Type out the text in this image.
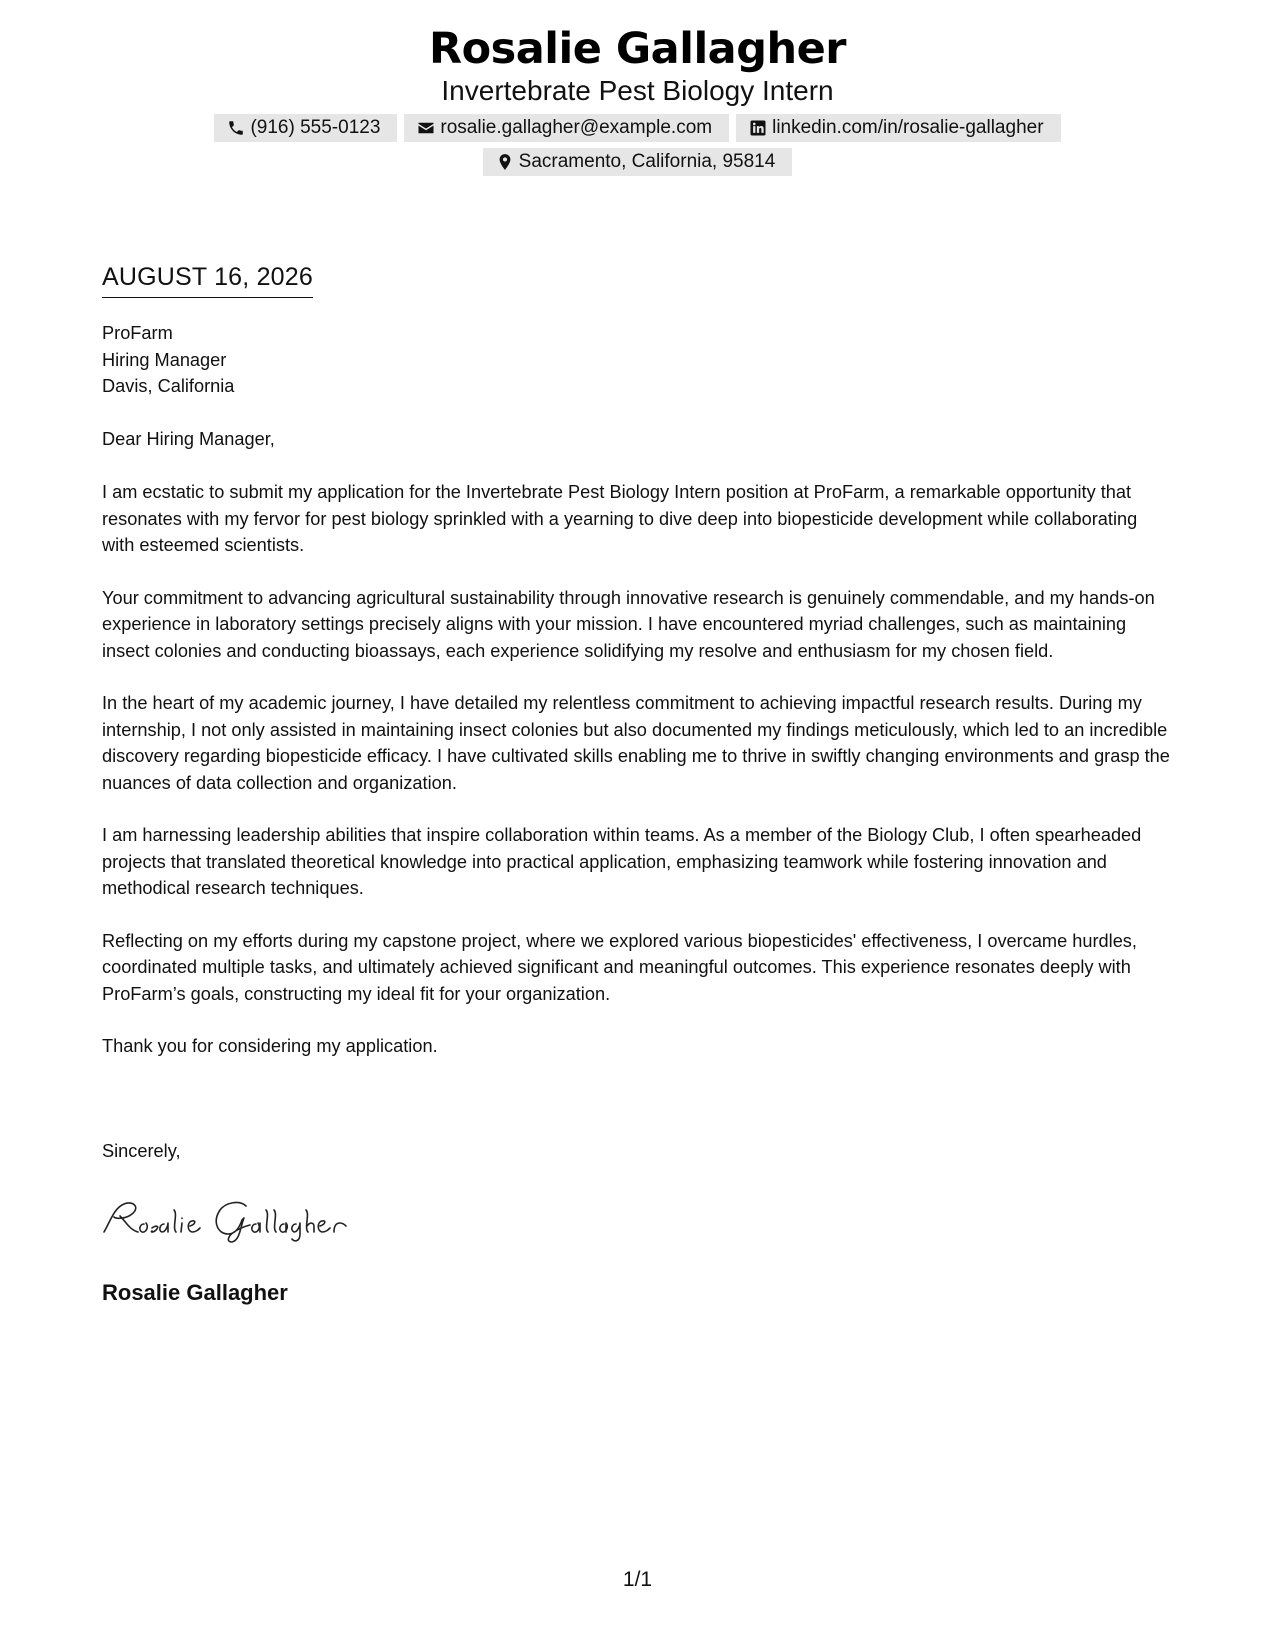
Rosalie Gallagher
Invertebrate Pest Biology Intern
(916) 555-0123	rosalie.gallagher@example.com	linkedin.com/in/rosalie-gallagher
Sacramento, California, 95814
AUGUST 16, 2026
ProFarm
Hiring Manager
Davis, California
Dear Hiring Manager,

I am ecstatic to submit my application for the Invertebrate Pest Biology Intern position at ProFarm, a remarkable opportunity that resonates with my fervor for pest biology sprinkled with a yearning to dive deep into biopesticide development while collaborating with esteemed scientists.

Your commitment to advancing agricultural sustainability through innovative research is genuinely commendable, and my hands-on experience in laboratory settings precisely aligns with your mission. I have encountered myriad challenges, such as maintaining insect colonies and conducting bioassays, each experience solidifying my resolve and enthusiasm for my chosen field.

In the heart of my academic journey, I have detailed my relentless commitment to achieving impactful research results. During my internship, I not only assisted in maintaining insect colonies but also documented my findings meticulously, which led to an incredible discovery regarding biopesticide efficacy. I have cultivated skills enabling me to thrive in swiftly changing environments and grasp the nuances of data collection and organization.

I am harnessing leadership abilities that inspire collaboration within teams. As a member of the Biology Club, I often spearheaded projects that translated theoretical knowledge into practical application, emphasizing teamwork while fostering innovation and methodical research techniques.

Reflecting on my efforts during my capstone project, where we explored various biopesticides' effectiveness, I overcame hurdles, coordinated multiple tasks, and ultimately achieved significant and meaningful outcomes. This experience resonates deeply with ProFarm’s goals, constructing my ideal fit for your organization.

Thank you for considering my application.

Sincerely,
Rosalie Gallagher
1/1
